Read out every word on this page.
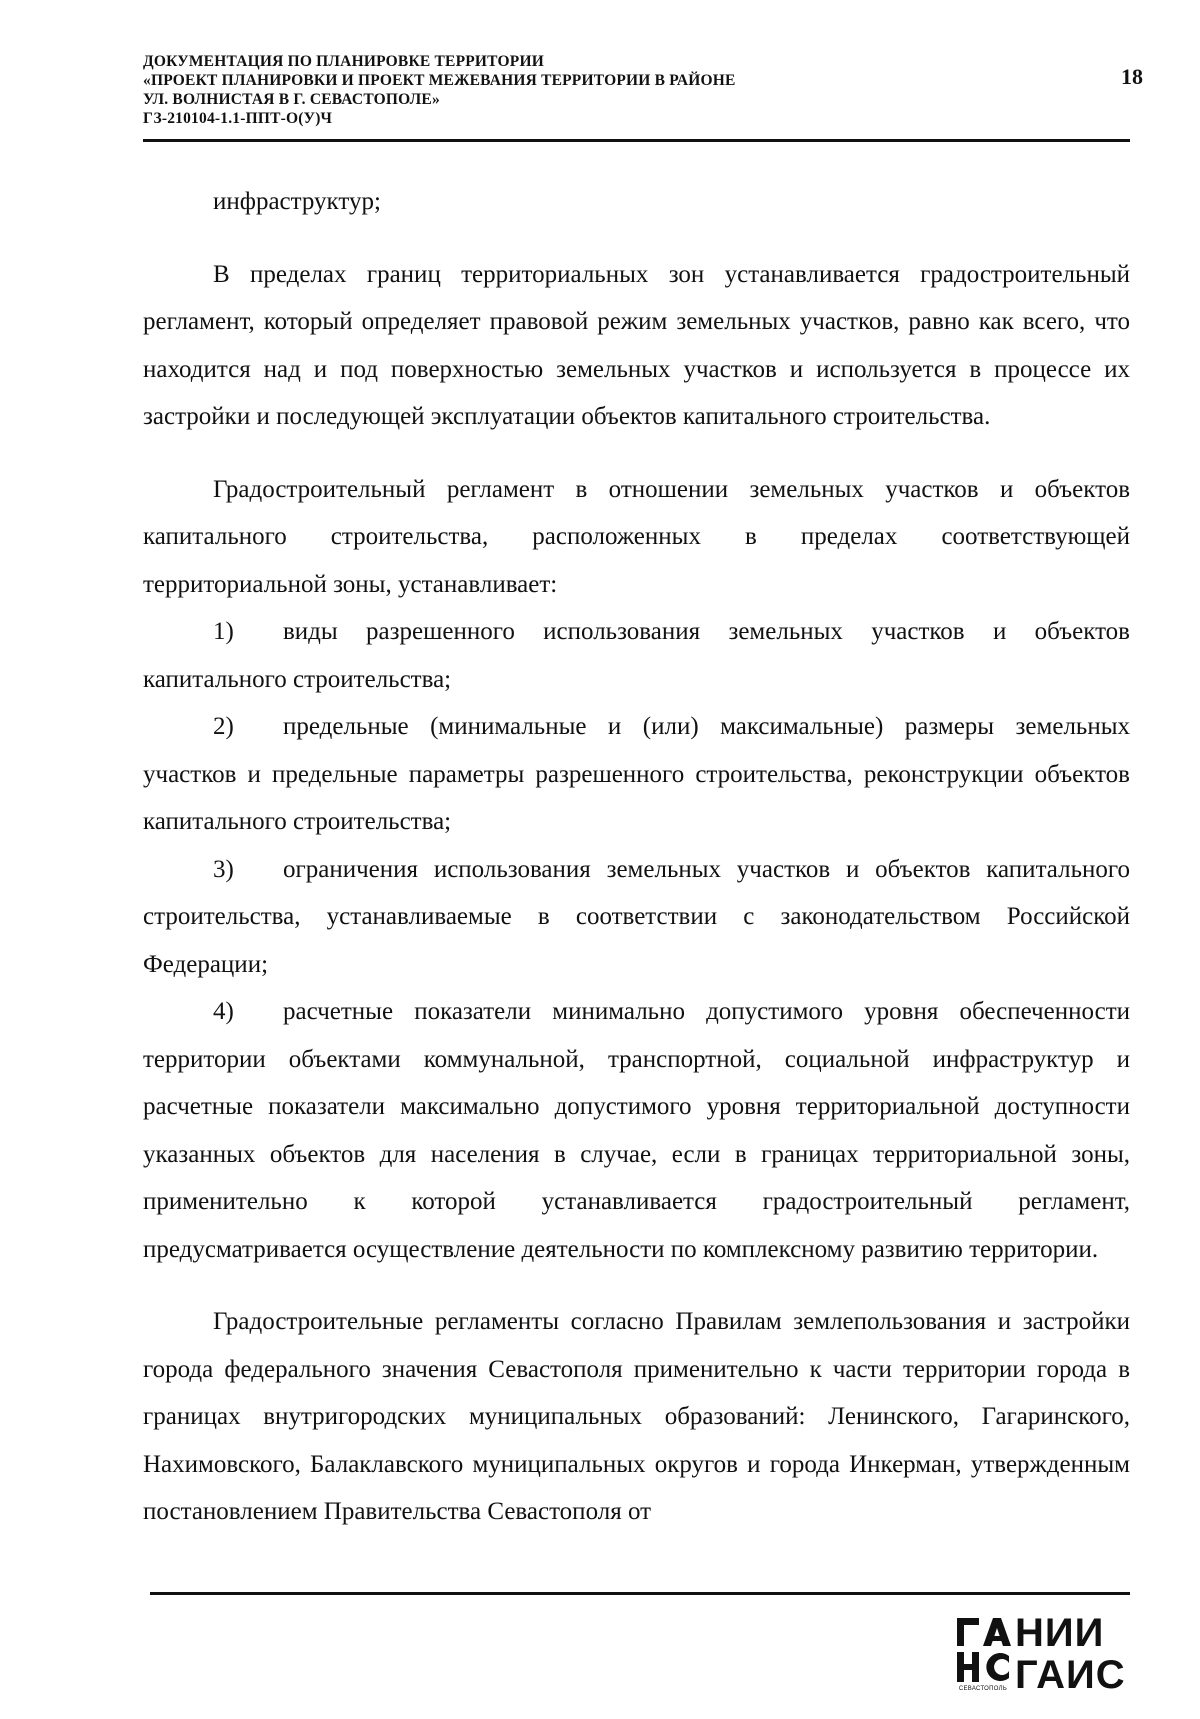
ДОКУМЕНТАЦИЯ ПО ПЛАНИРОВКЕ ТЕРРИТОРИИ
«ПРОЕКТ ПЛАНИРОВКИ И ПРОЕКТ МЕЖЕВАНИЯ ТЕРРИТОРИИ В РАЙОНЕ
УЛ. ВОЛНИСТАЯ В Г. СЕВАСТОПОЛЕ»
ГЗ-210104-1.1-ППТ-О(У)Ч
18

инфраструктур;

В пределах границ территориальных зон устанавливается градостроительный регламент, который определяет правовой режим земельных участков, равно как всего, что находится над и под поверхностью земельных участков и используется в процессе их застройки и последующей эксплуатации объектов капитального строительства.

Градостроительный регламент в отношении земельных участков и объектов капитального строительства, расположенных в пределах соответствующей территориальной зоны, устанавливает:

1) виды разрешенного использования земельных участков и объектов капитального строительства;

2) предельные (минимальные и (или) максимальные) размеры земельных участков и предельные параметры разрешенного строительства, реконструкции объектов капитального строительства;

3) ограничения использования земельных участков и объектов капитального строительства, устанавливаемые в соответствии с законодательством Российской Федерации;

4) расчетные показатели минимально допустимого уровня обеспеченности территории объектами коммунальной, транспортной, социальной инфраструктур и расчетные показатели максимально допустимого уровня территориальной доступности указанных объектов для населения в случае, если в границах территориальной зоны, применительно к которой устанавливается градостроительный регламент, предусматривается осуществление деятельности по комплексному развитию территории.

Градостроительные регламенты согласно Правилам землепользования и застройки города федерального значения Севастополя применительно к части территории города в границах внутригородских муниципальных образований: Ленинского, Гагаринского, Нахимовского, Балаклавского муниципальных округов и города Инкерман, утвержденным постановлением Правительства Севастополя от

СЕВАСТОПОЛЬ
НИИ
ГАИС
